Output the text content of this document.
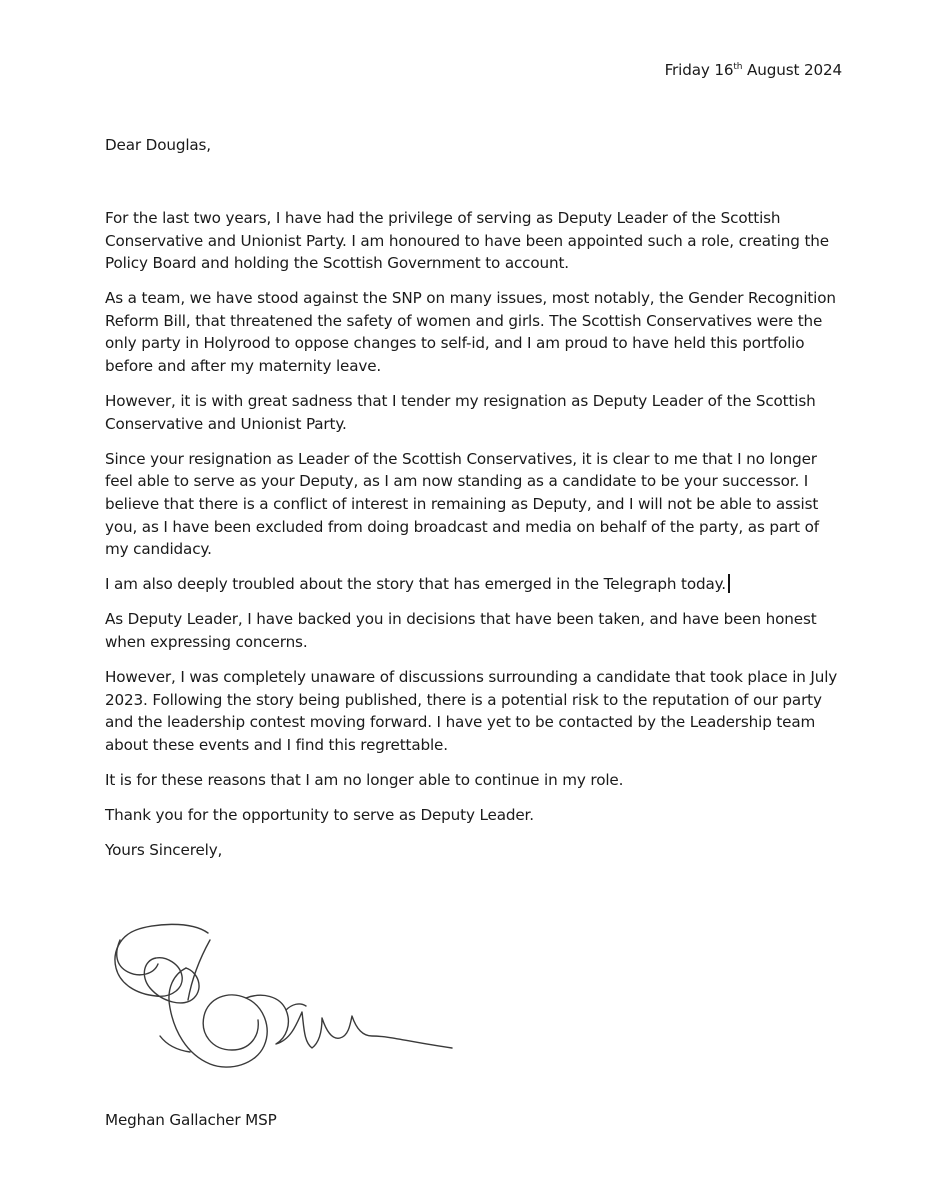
Friday 16th August 2024
Dear Douglas,

For the last two years, I have had the privilege of serving as Deputy Leader of the Scottish Conservative and Unionist Party. I am honoured to have been appointed such a role, creating the Policy Board and holding the Scottish Government to account.

As a team, we have stood against the SNP on many issues, most notably, the Gender Recognition Reform Bill, that threatened the safety of women and girls. The Scottish Conservatives were the only party in Holyrood to oppose changes to self-id, and I am proud to have held this portfolio before and after my maternity leave.

However, it is with great sadness that I tender my resignation as Deputy Leader of the Scottish Conservative and Unionist Party.

Since your resignation as Leader of the Scottish Conservatives, it is clear to me that I no longer feel able to serve as your Deputy, as I am now standing as a candidate to be your successor. I believe that there is a conflict of interest in remaining as Deputy, and I will not be able to assist you, as I have been excluded from doing broadcast and media on behalf of the party, as part of my candidacy.

I am also deeply troubled about the story that has emerged in the Telegraph today.

As Deputy Leader, I have backed you in decisions that have been taken, and have been honest when expressing concerns.

However, I was completely unaware of discussions surrounding a candidate that took place in July 2023. Following the story being published, there is a potential risk to the reputation of our party and the leadership contest moving forward. I have yet to be contacted by the Leadership team about these events and I find this regrettable.

It is for these reasons that I am no longer able to continue in my role.

Thank you for the opportunity to serve as Deputy Leader.

Yours Sincerely,

Meghan Gallacher MSP
